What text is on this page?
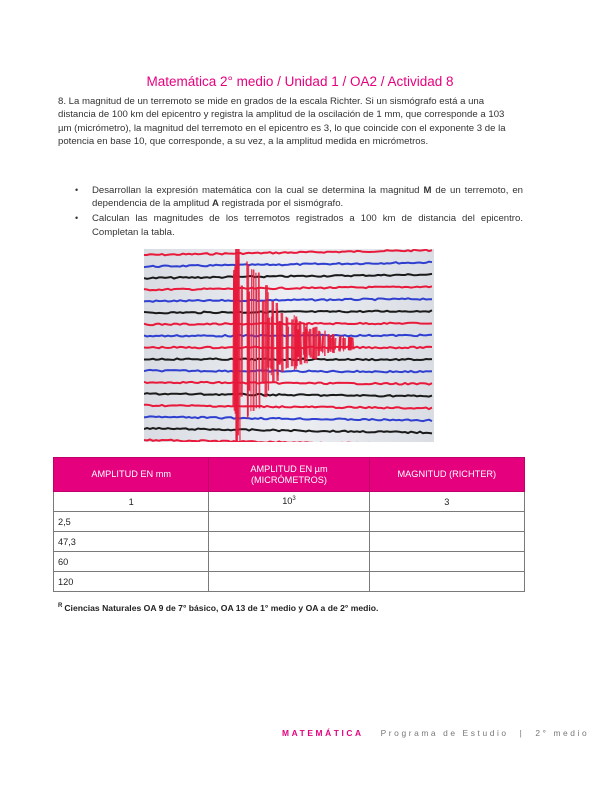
Matemática 2° medio / Unidad 1 / OA2 / Actividad 8
8. La magnitud de un terremoto se mide en grados de la escala Richter. Si un sismógrafo está a una distancia de 100 km del epicentro y registra la amplitud de la oscilación de 1 mm, que corresponde a 103 µm (micrómetro), la magnitud del terremoto en el epicentro es 3, lo que coincide con el exponente 3 de la potencia en base 10, que corresponde, a su vez, a la amplitud medida en micrómetros.
• Desarrollan la expresión matemática con la cual se determina la magnitud M de un terremoto, en dependencia de la amplitud A registrada por el sismógrafo.
• Calculan las magnitudes de los terremotos registrados a 100 km de distancia del epicentro. Completan la tabla.
AMPLITUD EN mm	AMPLITUD EN µm (MICRÓMETROS)	MAGNITUD (RICHTER)
1	$10^3$	3
2,5		
47,3		
60		
120		
$^R$ Ciencias Naturales OA 9 de 7° básico, OA 13 de 1° medio y OA a de 2° medio.
MATEMÁTICA Programa de Estudio | 2° medio
